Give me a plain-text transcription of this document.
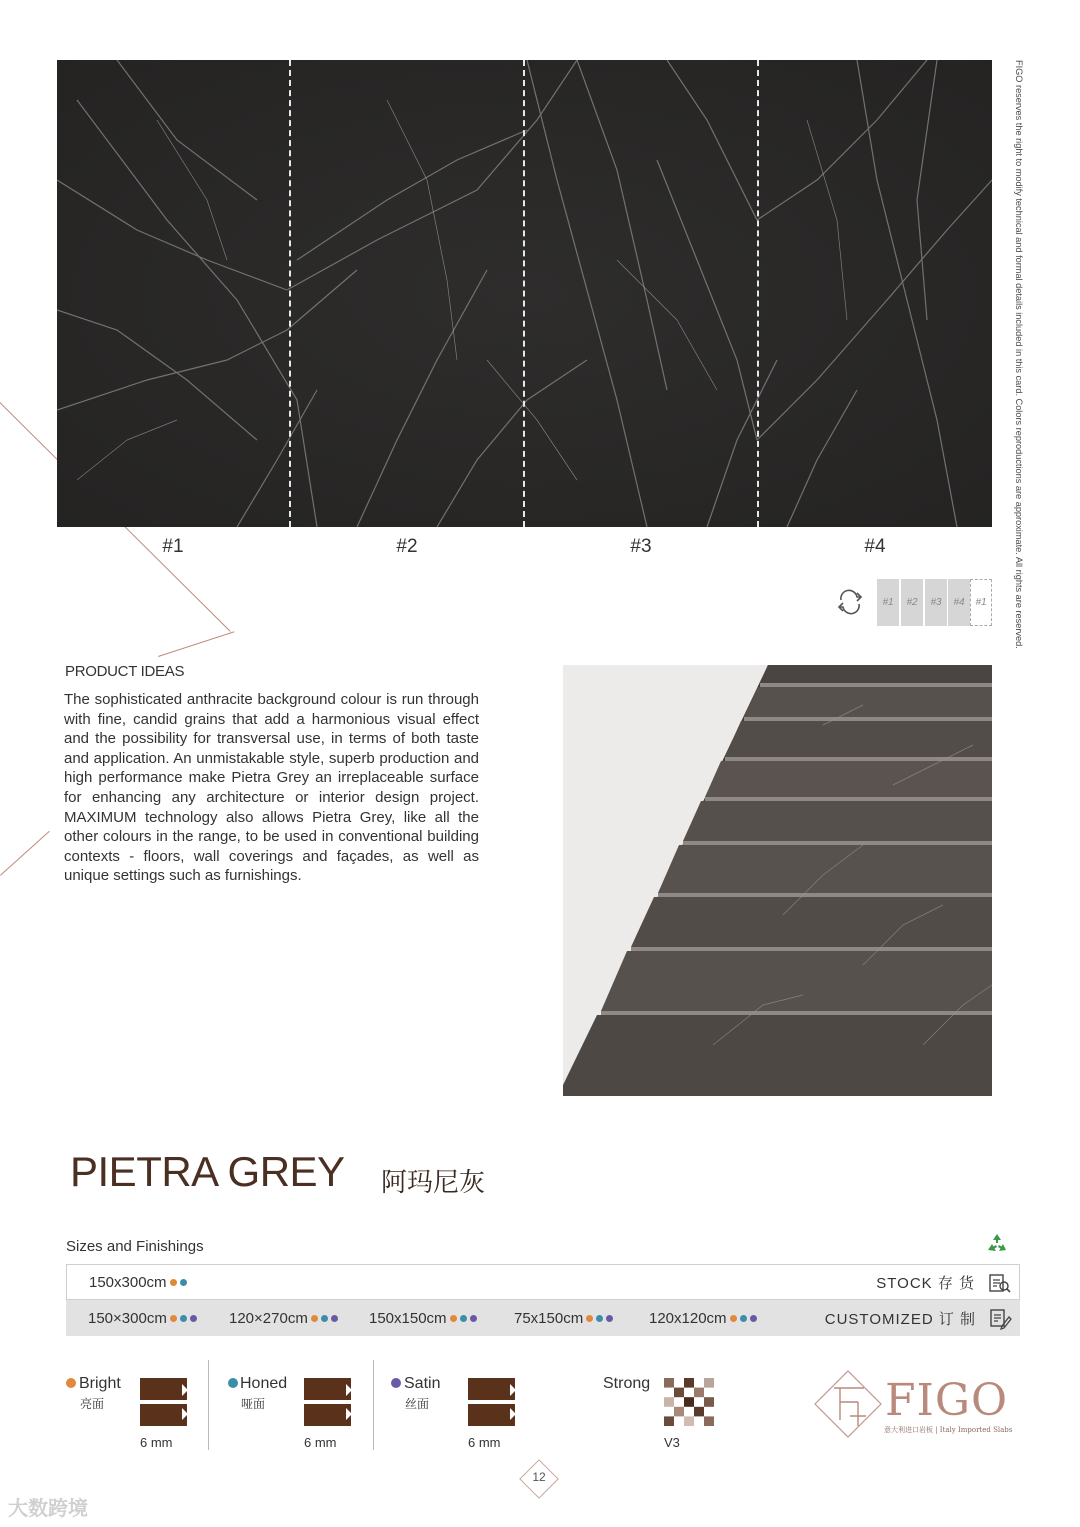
#1	#2	#3	#4
#1	#2	#3	#4	#1	FIGO reserves the right to modify technical and formal details included in this card. Colors reproductions are approximate. All rights are reserved.
PRODUCT IDEAS
The sophisticated anthracite background colour is run through with fine, candid grains that add a harmonious visual effect and the possibility for transversal use, in terms of both taste and application. An unmistakable style, superb production and high performance make Pietra Grey an irreplaceable surface for enhancing any architecture or interior design project. MAXIMUM technology also allows Pietra Grey, like all the other colours in the range, to be used in conventional building contexts - floors, wall coverings and façades, as well as unique settings such as furnishings.
PIETRA GREY 阿玛尼灰
Sizes and Finishings
150x300cm	STOCK 存 货
150×300cm	120×270cm	150x150cm	75x150cm	120x120cm	CUSTOMIZED 订 制
Bright
亮面
6 mm
Honed
哑面
6 mm
Satin
丝面
6 mm
Strong
V3
FIGO
意大利进口岩板 | Italy Imported Slabs
12
大数跨境
